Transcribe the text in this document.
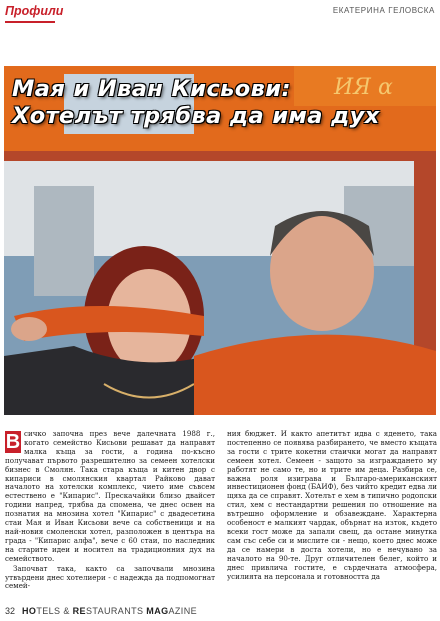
Профили	ЕКАТЕРИНА ГЕЛОВСКА
ИЯ α
Мая и Иван Кисьови:
Хотелът трябва да има дух

В сичко започна през вече далечната 1988 г., когато семейство Кисьови решават да направят малка къща за гости, а година по-късно получават първото разрешително за семеен хотелски бизнес в Смолян. Така стара къща и китен двор с кипариси в смолянския квартал Райково дават началото на хотелски комплекс, чието име съвсем естествено е "Кипарис". Прескачайки близо двайсет години напред, трябва да спомена, че днес освен на познатия на мнозина хотел "Кипарис" с двадесетина стаи Мая и Иван Кисьови вече са собственици и на най-новия смоленски хотел, разположен в центъра на града - "Кипарис алфа", вече с 60 стаи, по наследник на старите идеи и носител на традиционния дух на семейството.

Започват така, както са започвали мнозина утвърдени днес хотелиери - с надежда да подпомогнат семей-

ния бюджет. И както апетитът идва с яденето, така постепенно се появява разбирането, че вместо къщата за гости с трите кокетни стаички могат да направят семеен хотел. Семеен - защото за изграждането му работят не само те, но и трите им деца. Разбира се, важна роля изиграва и Българо-американският инвестиционен фонд (БАИФ), без чийто кредит едва ли щяха да се справят. Хотелът е хем в типично родопски стил, хем с нестандартни решения по отношение на вътрешно оформление и обзавеждане. Характерна особеност е малкият чардак, обърнат на изток, където всеки гост може да запали свещ, да остане минутка сам със себе си и мислите си - нещо, което днес може да се намери в доста хотели, но е нечувано за началото на 90-те. Друг отличителен белег, който и днес привлича гостите, е сърдечната атмосфера, усилията на персонала и готовността да

32 HOTELS & RESTAURANTS MAGAZINE
